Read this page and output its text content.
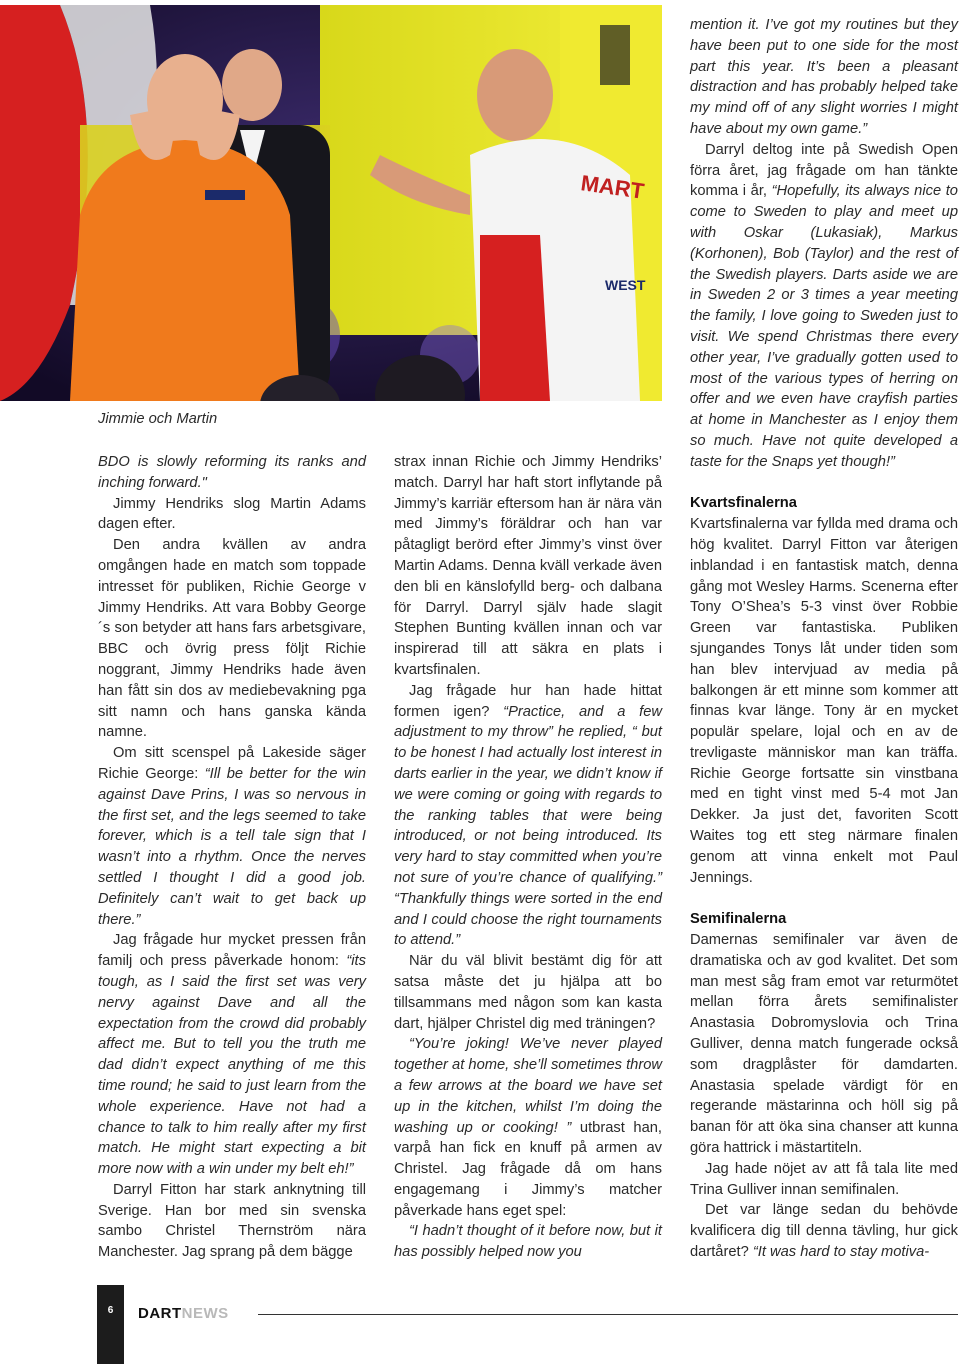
MART
WEST
Jimmie och Martin

BDO is slowly reforming its ranks and inching forward."

Jimmy Hendriks slog Martin Adams dagen efter.

Den andra kvällen av andra omgången hade en match som toppade intresset för publiken, Richie George v Jimmy Hendriks. Att vara Bobby George´s son betyder att hans fars arbetsgivare, BBC och övrig press följt Richie noggrant, Jimmy Hendriks hade även han fått sin dos av mediebevakning pga sitt namn och hans ganska kända namne.

Om sitt scenspel på Lakeside säger Richie George: “Ill be better for the win against Dave Prins, I was so nervous in the first set, and the legs seemed to take forever, which is a tell tale sign that I wasn’t into a rhythm. Once the nerves settled I thought I did a good job. Definitely can’t wait to get back up there.”

Jag frågade hur mycket pressen från familj och press påverkade honom: “its tough, as I said the first set was very nervy against Dave and all the expectation from the crowd did probably affect me. But to tell you the truth me dad didn’t expect anything of me this time round; he said to just learn from the whole experience. Have not had a chance to talk to him really after my first match. He might start expecting a bit more now with a win under my belt eh!”

Darryl Fitton har stark anknytning till Sverige. Han bor med sin svenska sambo Christel Thernström nära Manchester. Jag sprang på dem bägge

strax innan Richie och Jimmy Hendriks’ match. Darryl har haft stort inflytande på Jimmy’s karriär eftersom han är nära vän med Jimmy’s föräldrar och han var påtagligt berörd efter Jimmy’s vinst över Martin Adams. Denna kväll verkade även den bli en känslofylld berg- och dalbana för Darryl. Darryl själv hade slagit Stephen Bunting kvällen innan och var inspirerad till att säkra en plats i kvartsfinalen.

Jag frågade hur han hade hittat formen igen? “Practice, and a few adjustment to my throw” he replied, “ but to be honest I had actually lost interest in darts earlier in the year, we didn’t know if we were coming or going with regards to the ranking tables that were being introduced, or not being introduced. Its very hard to stay committed when you’re not sure of you’re chance of qualifying.” “Thankfully things were sorted in the end and I could choose the right tournaments to attend.”

När du väl blivit bestämt dig för att satsa måste det ju hjälpa att bo tillsammans med någon som kan kasta dart, hjälper Christel dig med träningen?

“You’re joking! We’ve never played together at home, she’ll sometimes throw a few arrows at the board we have set up in the kitchen, whilst I’m doing the washing up or cooking! ” utbrast han, varpå han fick en knuff på armen av Christel. Jag frågade då om hans engagemang i Jimmy’s matcher påverkade hans eget spel:

“I hadn’t thought of it before now, but it has possibly helped now you

mention it. I’ve got my routines but they have been put to one side for the most part this year. It’s been a pleasant distraction and has probably helped take my mind off of any slight worries I might have about my own game.”

Darryl deltog inte på Swedish Open förra året, jag frågade om han tänkte komma i år, “Hopefully, its always nice to come to Sweden to play and meet up with Oskar (Lukasiak), Markus (Korhonen), Bob (Taylor) and the rest of the Swedish players. Darts aside we are in Sweden 2 or 3 times a year meeting the family, I love going to Sweden just to visit. We spend Christmas there every other year, I’ve gradually gotten used to most of the various types of herring on offer and we even have crayfish parties at home in Manchester as I enjoy them so much. Have not quite developed a taste for the Snaps yet though!”

Kvartsfinalerna

Kvartsfinalerna var fyllda med drama och hög kvalitet. Darryl Fitton var återigen inblandad i en fantastisk match, denna gång mot Wesley Harms. Scenerna efter Tony O’Shea’s 5-3 vinst över Robbie Green var fantastiska. Publiken sjungandes Tonys låt under tiden som han blev intervjuad av media på balkongen är ett minne som kommer att finnas kvar länge. Tony är en mycket populär spelare, lojal och en av de trevligaste människor man kan träffa. Richie George fortsatte sin vinstbana med en tight vinst med 5-4 mot Jan Dekker. Ja just det, favoriten Scott Waites tog ett steg närmare finalen genom att vinna enkelt mot Paul Jennings.

Semifinalerna

Damernas semifinaler var även de dramatiska och av god kvalitet. Det som man mest såg fram emot var returmötet mellan förra årets semifinalister Anastasia Dobromyslovia och Trina Gulliver, denna match fungerade också som dragplåster för damdarten. Anastasia spelade värdigt för en regerande mästarinna och höll sig på banan för att öka sina chanser att kunna göra hattrick i mästartiteln.

Jag hade nöjet av att få tala lite med Trina Gulliver innan semifinalen.

Det var länge sedan du behövde kvalificera dig till denna tävling, hur gick dartåret? “It was hard to stay motiva-

6	DARTNEWS
